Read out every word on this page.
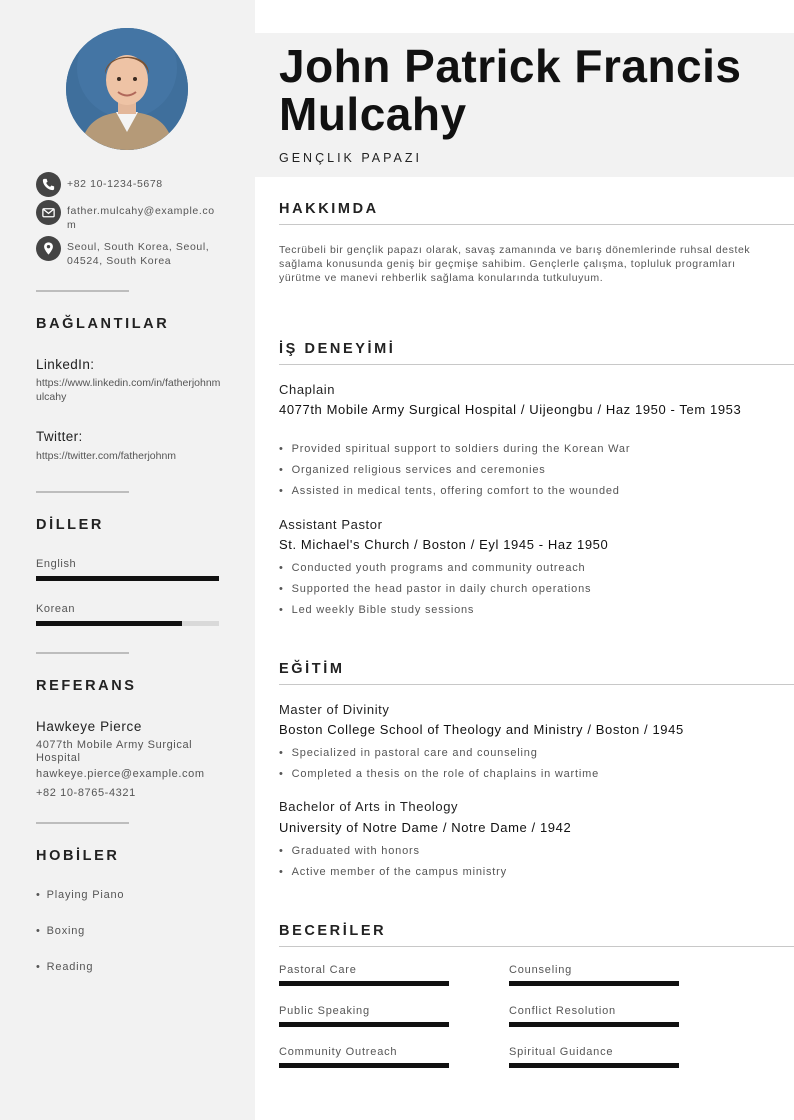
+82 10-1234-5678
father.mulcahy@example.com
Seoul, South Korea, Seoul, 04524, South Korea
BAĞLANTILAR
LinkedIn:
https://www.linkedin.com/in/fatherjohnmulcahy
Twitter:
https://twitter.com/fatherjohnm
DİLLER
English
Korean
REFERANS
Hawkeye Pierce
4077th Mobile Army Surgical Hospital
hawkeye.pierce@example.com
+82 10-8765-4321
HOBİLER
• Playing Piano
• Boxing
• Reading
John Patrick Francis Mulcahy
GENÇLIK PAPAZI
HAKKIMDA
Tecrübeli bir gençlik papazı olarak, savaş zamanında ve barış dönemlerinde ruhsal destek sağlama konusunda geniş bir geçmişe sahibim. Gençlerle çalışma, topluluk programları yürütme ve manevi rehberlik sağlama konularında tutkuluyum.
İŞ DENEYİMİ
Chaplain
4077th Mobile Army Surgical Hospital / Uijeongbu / Haz 1950 - Tem 1953
• Provided spiritual support to soldiers during the Korean War
• Organized religious services and ceremonies
• Assisted in medical tents, offering comfort to the wounded
Assistant Pastor
St. Michael's Church / Boston / Eyl 1945 - Haz 1950
• Conducted youth programs and community outreach
• Supported the head pastor in daily church operations
• Led weekly Bible study sessions
EĞİTİM
Master of Divinity
Boston College School of Theology and Ministry / Boston / 1945
• Specialized in pastoral care and counseling
• Completed a thesis on the role of chaplains in wartime
Bachelor of Arts in Theology
University of Notre Dame / Notre Dame / 1942
• Graduated with honors
• Active member of the campus ministry
BECERİLER
Pastoral Care	Counseling
Public Speaking	Conflict Resolution
Community Outreach	Spiritual Guidance
